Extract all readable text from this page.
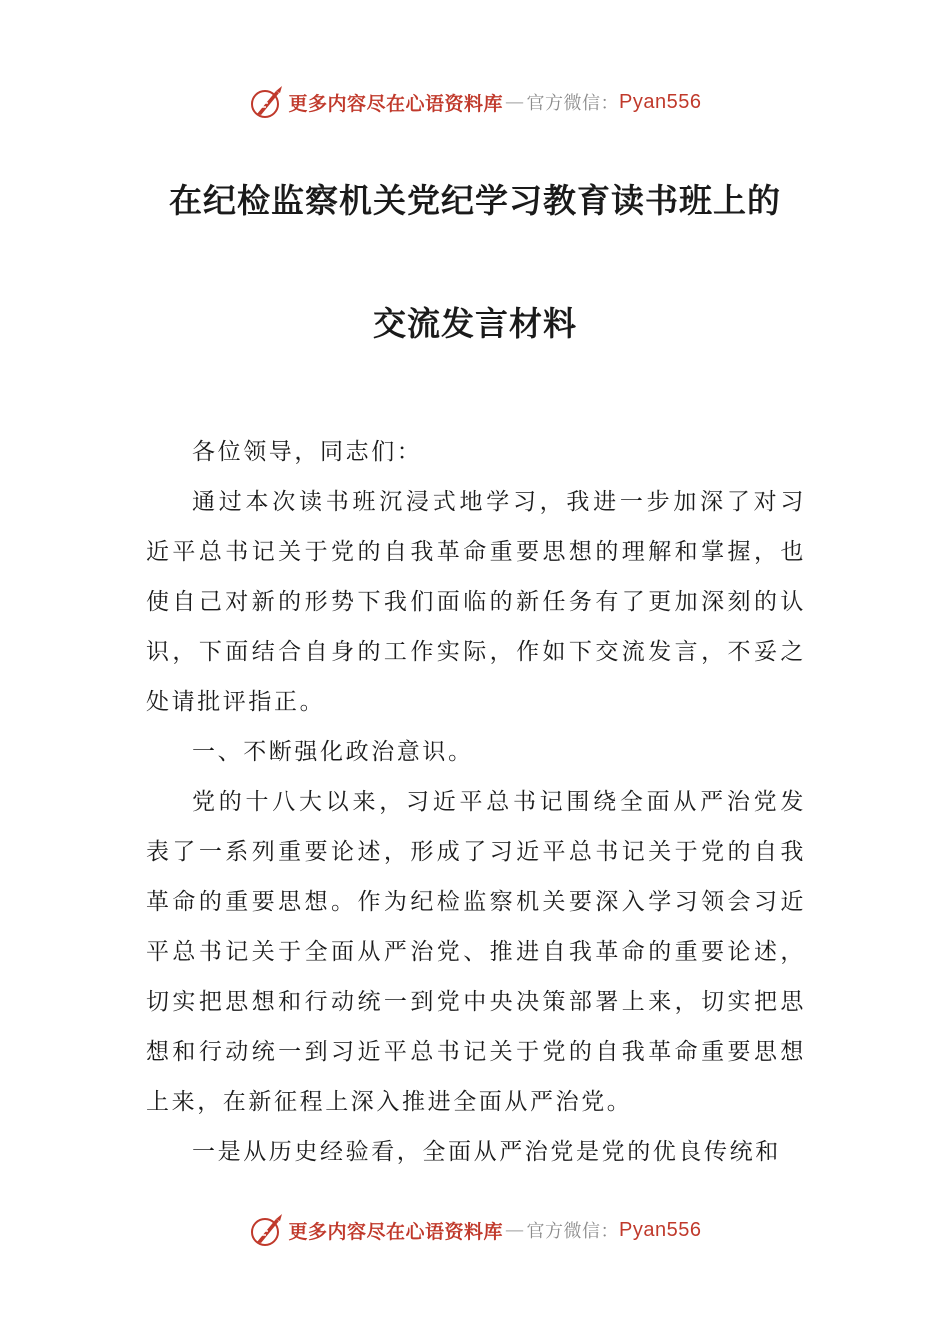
更多内容尽在心语资料库 — 官方微信： Pyan556
在纪检监察机关党纪学习教育读书班上的
交流发言材料

各位领导，同志们：

通过本次读书班沉浸式地学习，我进一步加深了对习近平总书记关于党的自我革命重要思想的理解和掌握，也使自己对新的形势下我们面临的新任务有了更加深刻的认识，下面结合自身的工作实际，作如下交流发言，不妥之处请批评指正。

一、不断强化政治意识。

党的十八大以来，习近平总书记围绕全面从严治党发表了一系列重要论述，形成了习近平总书记关于党的自我革命的重要思想。作为纪检监察机关要深入学习领会习近平总书记关于全面从严治党、推进自我革命的重要论述，切实把思想和行动统一到党中央决策部署上来，切实把思想和行动统一到习近平总书记关于党的自我革命重要思想上来，在新征程上深入推进全面从严治党。

一是从历史经验看，全面从严治党是党的优良传统和

更多内容尽在心语资料库 — 官方微信： Pyan556
